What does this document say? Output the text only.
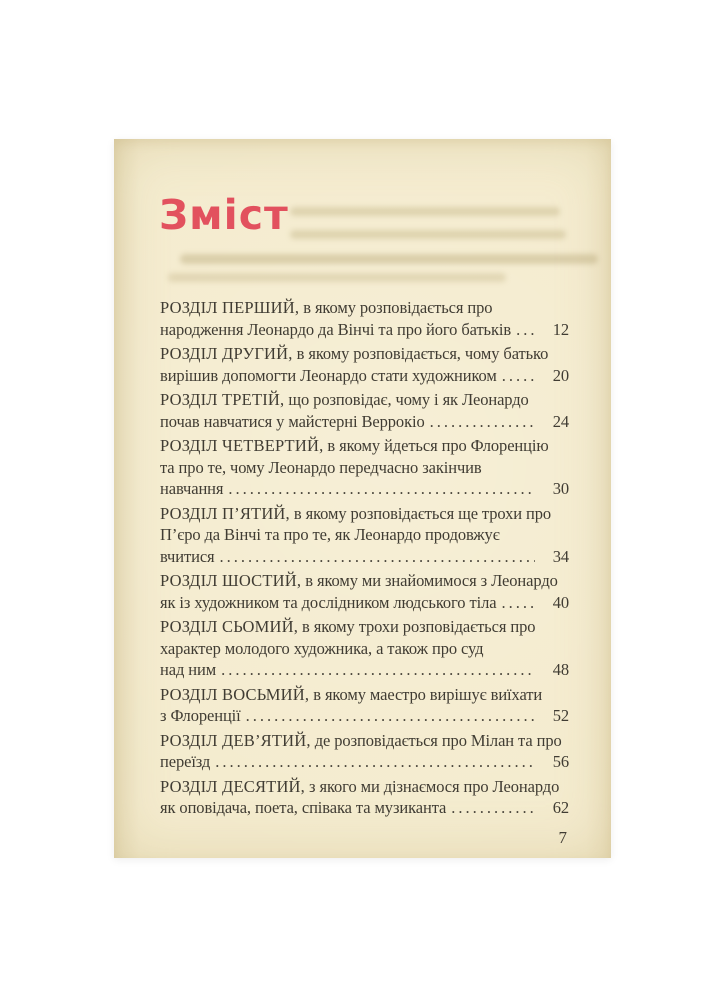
Зміст
РОЗДІЛ ПЕРШИЙ, в якому розповідається про
народження Леонардо да Вінчі та про його батьків .....	12
РОЗДІЛ ДРУГИЙ, в якому розповідається, чому батько
вирішив допомогти Леонардо стати художником .....	20
РОЗДІЛ ТРЕТІЙ, що розповідає, чому і як Леонардо
почав навчатися у майстерні Веррокіо .....	24
РОЗДІЛ ЧЕТВЕРТИЙ, в якому йдеться про Флоренцію
та про те, чому Леонардо передчасно закінчив
навчання .....	30
РОЗДІЛ П’ЯТИЙ, в якому розповідається ще трохи про
П’єро да Вінчі та про те, як Леонардо продовжує
вчитися .....	34
РОЗДІЛ ШОСТИЙ, в якому ми знайомимося з Леонардо
як із художником та дослідником людського тіла .....	40
РОЗДІЛ СЬОМИЙ, в якому трохи розповідається про
характер молодого художника, а також про суд
над ним .....	48
РОЗДІЛ ВОСЬМИЙ, в якому маестро вирішує виїхати
з Флоренції .....	52
РОЗДІЛ ДЕВ’ЯТИЙ, де розповідається про Мілан та про
переїзд .....	56
РОЗДІЛ ДЕСЯТИЙ, з якого ми дізнаємося про Леонардо
як оповідача, поета, співака та музиканта .....	62
7
